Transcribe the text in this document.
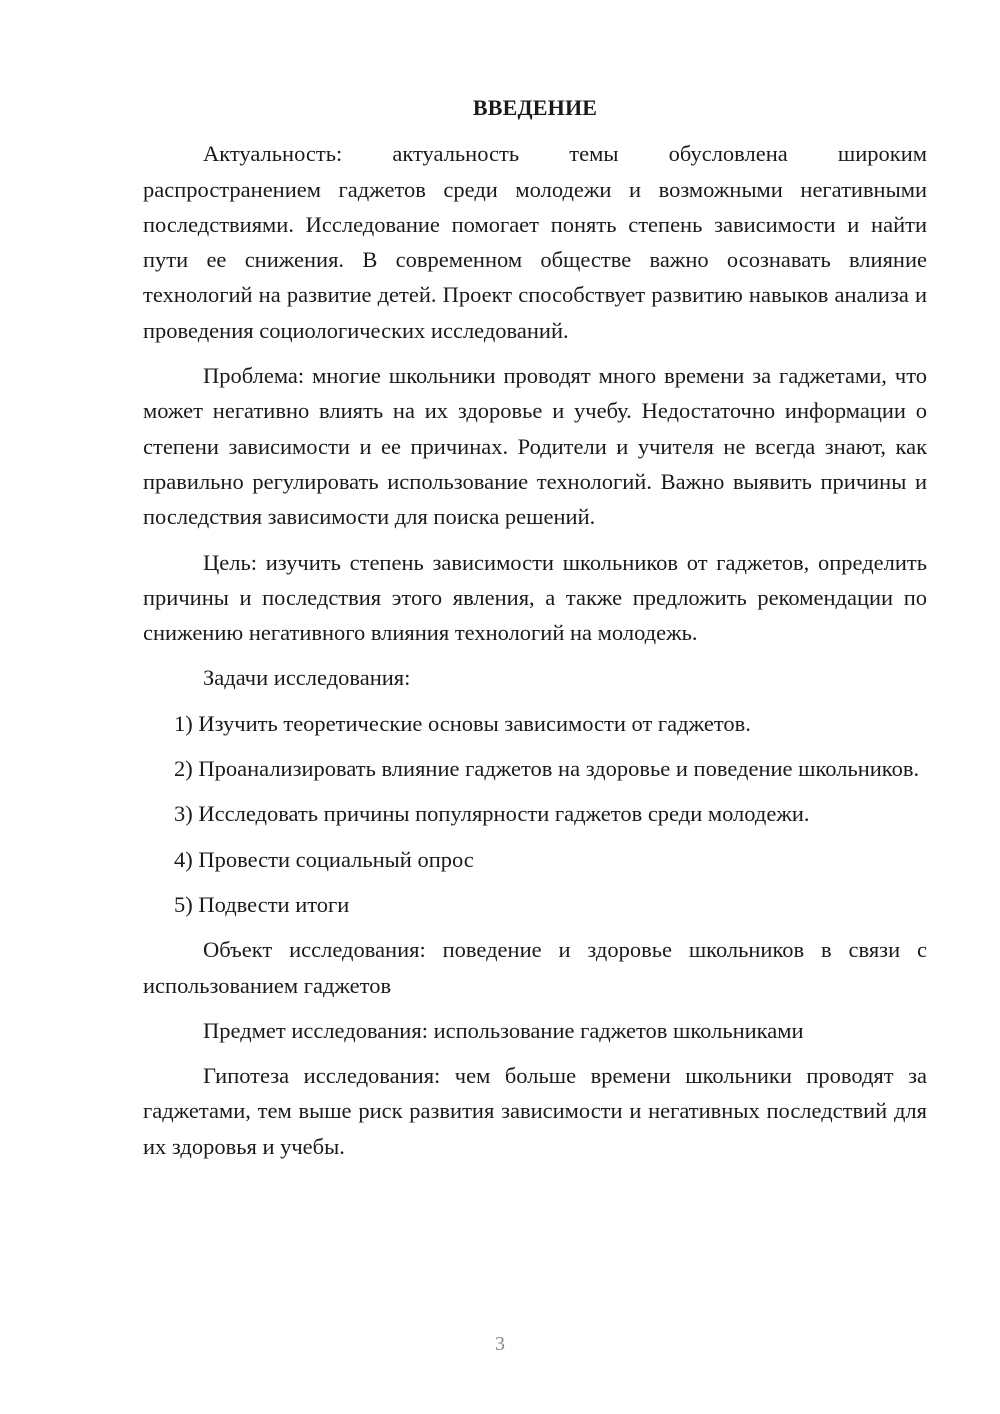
ВВЕДЕНИЕ

Актуальность: актуальность темы обусловлена широким распространением гаджетов среди молодежи и возможными негативными последствиями. Исследование помогает понять степень зависимости и найти пути ее снижения. В современном обществе важно осознавать влияние технологий на развитие детей. Проект способствует развитию навыков анализа и проведения социологических исследований.

Проблема: многие школьники проводят много времени за гаджетами, что может негативно влиять на их здоровье и учебу. Недостаточно информации о степени зависимости и ее причинах. Родители и учителя не всегда знают, как правильно регулировать использование технологий. Важно выявить причины и последствия зависимости для поиска решений.

Цель: изучить степень зависимости школьников от гаджетов, определить причины и последствия этого явления, а также предложить рекомендации по снижению негативного влияния технологий на молодежь.

Задачи исследования:

1) Изучить теоретические основы зависимости от гаджетов.

2) Проанализировать влияние гаджетов на здоровье и поведение школьников.

3) Исследовать причины популярности гаджетов среди молодежи.

4) Провести социальный опрос

5) Подвести итоги

Объект исследования: поведение и здоровье школьников в связи с использованием гаджетов

Предмет исследования: использование гаджетов школьниками

Гипотеза исследования: чем больше времени школьники проводят за гаджетами, тем выше риск развития зависимости и негативных последствий для их здоровья и учебы.

3
